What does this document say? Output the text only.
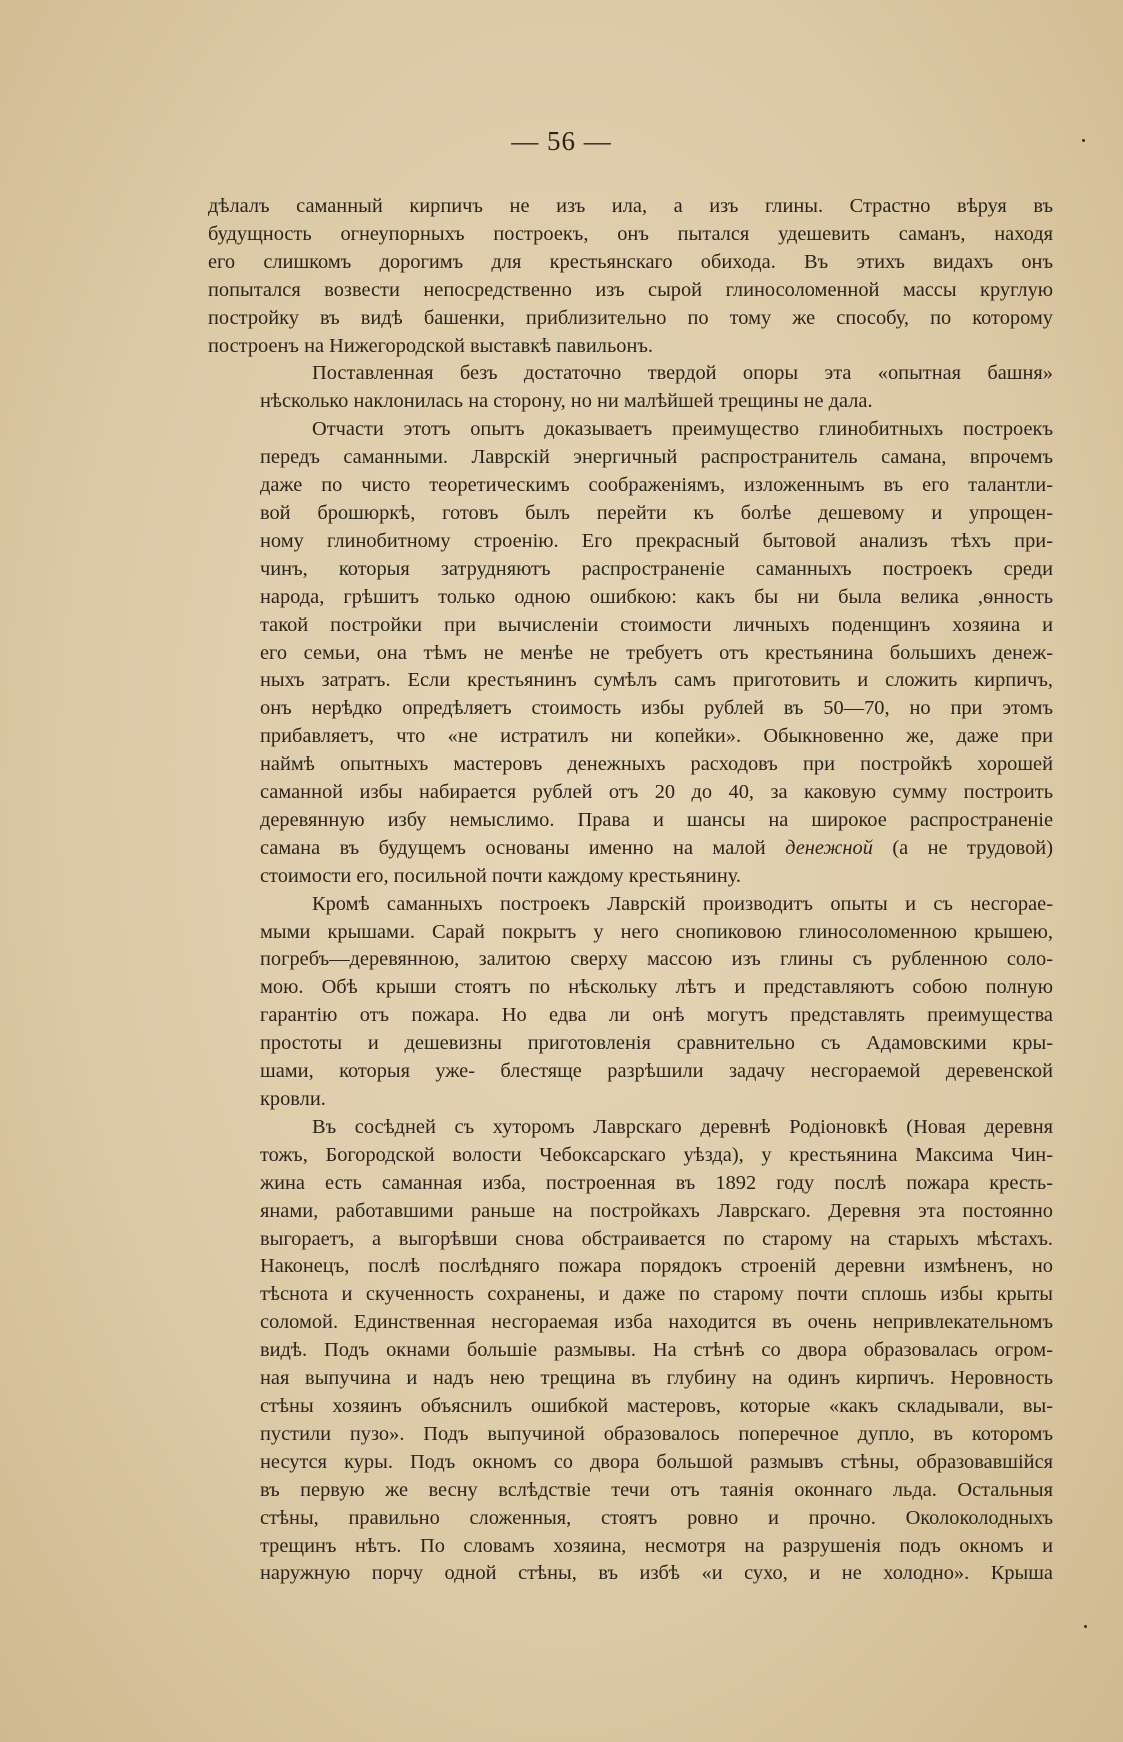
— 56 —
дѣлалъ саманный кирпичъ не изъ ила, а изъ глины. Страстно вѣруя въ
будущность огнеупорныхъ построекъ, онъ пытался удешевить саманъ, находя
его слишкомъ дорогимъ для крестьянскаго обихода. Въ этихъ видахъ онъ
попытался возвести непосредственно изъ сырой глиносоломенной массы круглую
постройку въ видѣ башенки, приблизительно по тому же способу, по которому
построенъ на Нижегородской выставкѣ павильонъ.
Поставленная безъ достаточно твердой опоры эта «опытная башня»
нѣсколько наклонилась на сторону, но ни малѣйшей трещины не дала.
Отчасти этотъ опытъ доказываетъ преимущество глинобитныхъ построекъ
передъ саманными. Лаврскій энергичный распространитель самана, впрочемъ
даже по чисто теоретическимъ соображеніямъ, изложеннымъ въ его талантли-
вой брошюркѣ, готовъ былъ перейти къ болѣе дешевому и упрощен-
ному глинобитному строенію. Его прекрасный бытовой анализъ тѣхъ при-
чинъ, которыя затрудняютъ распространеніе саманныхъ построекъ среди
народа, грѣшитъ только одною ошибкою: какъ бы ни была велика ,ѳнность
такой постройки при вычисленіи стоимости личныхъ поденщинъ хозяина и
его семьи, она тѣмъ не менѣе не требуетъ отъ крестьянина большихъ денеж-
ныхъ затратъ. Если крестьянинъ сумѣлъ самъ приготовить и сложить кирпичъ,
онъ нерѣдко опредѣляетъ стоимость избы рублей въ 50—70, но при этомъ
прибавляетъ, что «не истратилъ ни копейки». Обыкновенно же, даже при
наймѣ опытныхъ мастеровъ денежныхъ расходовъ при постройкѣ хорошей
саманной избы набирается рублей отъ 20 до 40, за каковую сумму построить
деревянную избу немыслимо. Права и шансы на широкое распространеніе
самана въ будущемъ основаны именно на малой денежной (а не трудовой)
стоимости его, посильной почти каждому крестьянину.
Кромѣ саманныхъ построекъ Лаврскій производитъ опыты и съ несгорае-
мыми крышами. Сарай покрытъ у него снопиковою глиносоломенною крышею,
погребъ—деревянною, залитою сверху массою изъ глины съ рубленною соло-
мою. Обѣ крыши стоятъ по нѣскольку лѣтъ и представляютъ собою полную
гарантію отъ пожара. Но едва ли онѣ могутъ представлять преимущества
простоты и дешевизны приготовленія сравнительно съ Адамовскими кры-
шами, которыя уже- блестяще разрѣшили задачу несгораемой деревенской
кровли.
Въ сосѣдней съ хуторомъ Лаврскаго деревнѣ Родіоновкѣ (Новая деревня
тожъ, Богородской волости Чебоксарскаго уѣзда), у крестьянина Максима Чин-
жина есть саманная изба, построенная въ 1892 году послѣ пожара кресть-
янами, работавшими раньше на постройкахъ Лаврскаго. Деревня эта постоянно
выгораетъ, а выгорѣвши снова обстраивается по старому на старыхъ мѣстахъ.
Наконецъ, послѣ послѣдняго пожара порядокъ строеній деревни измѣненъ, но
тѣснота и скученность сохранены, и даже по старому почти сплошь избы крыты
соломой. Единственная несгораемая изба находится въ очень непривлекательномъ
видѣ. Подъ окнами большіе размывы. На стѣнѣ со двора образовалась огром-
ная выпучина и надъ нею трещина въ глубину на одинъ кирпичъ. Неровность
стѣны хозяинъ объяснилъ ошибкой мастеровъ, которые «какъ складывали, вы-
пустили пузо». Подъ выпучиной образовалось поперечное дупло, въ которомъ
несутся куры. Подъ окномъ со двора большой размывъ стѣны, образовавшійся
въ первую же весну вслѣдствіе течи отъ таянія оконнаго льда. Остальныя
стѣны, правильно сложенныя, стоятъ ровно и прочно. Околоколодныхъ
трещинъ нѣтъ. По словамъ хозяина, несмотря на разрушенія подъ окномъ и
наружную порчу одной стѣны, въ избѣ «и сухо, и не холодно». Крыша
